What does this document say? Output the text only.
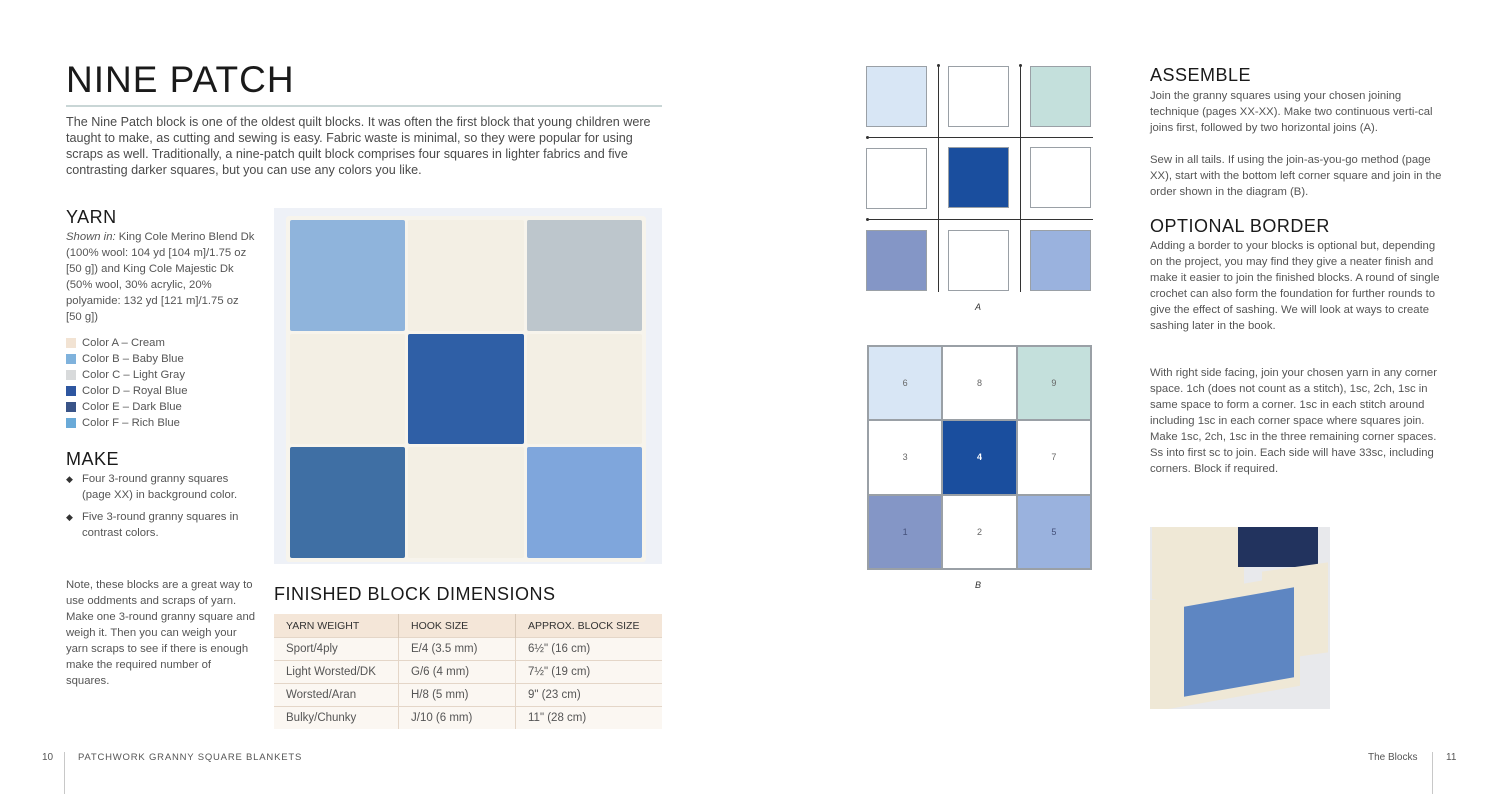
NINE PATCH
The Nine Patch block is one of the oldest quilt blocks. It was often the first block that young children were taught to make, as cutting and sewing is easy. Fabric waste is minimal, so they were popular for using scraps as well. Traditionally, a nine-patch quilt block comprises four squares in lighter fabrics and five contrasting darker squares, but you can use any colors you like.
YARN
Shown in: King Cole Merino Blend Dk (100% wool: 104 yd [104 m]/1.75 oz [50 g]) and King Cole Majestic Dk (50% wool, 30% acrylic, 20% polyamide: 132 yd [121 m]/1.75 oz [50 g])
Color A – Cream
Color B – Baby Blue
Color C – Light Gray
Color D – Royal Blue
Color E – Dark Blue
Color F – Rich Blue
MAKE
◆ Four 3-round granny squares (page XX) in background color.
◆ Five 3-round granny squares in contrast colors.
Note, these blocks are a great way to use oddments and scraps of yarn. Make one 3-round granny square and weigh it. Then you can weigh your yarn scraps to see if there is enough make the required number of squares.
FINISHED BLOCK DIMENSIONS
YARN WEIGHT	HOOK SIZE	APPROX. BLOCK SIZE
Sport/4ply	E/4 (3.5 mm)	6½" (16 cm)
Light Worsted/DK	G/6 (4 mm)	7½" (19 cm)
Worsted/Aran	H/8 (5 mm)	9" (23 cm)
Bulky/Chunky	J/10 (6 mm)	11" (28 cm)
10	PATCHWORK GRANNY SQUARE BLANKETS
A
6	8	9
3	4	7
1	2	5
B
ASSEMBLE
Join the granny squares using your chosen joining technique (pages XX-XX). Make two continuous verti-cal joins first, followed by two horizontal joins (A).
Sew in all tails. If using the join-as-you-go method (page XX), start with the bottom left corner square and join in the order shown in the diagram (B).
OPTIONAL BORDER
Adding a border to your blocks is optional but, depending on the project, you may find they give a neater finish and make it easier to join the finished blocks. A round of single crochet can also form the foundation for further rounds to give the effect of sashing. We will look at ways to create sashing later in the book.
With right side facing, join your chosen yarn in any corner space. 1ch (does not count as a stitch), 1sc, 2ch, 1sc in same space to form a corner. 1sc in each stitch around including 1sc in each corner space where squares join. Make 1sc, 2ch, 1sc in the three remaining corner spaces. Ss into first sc to join. Each side will have 33sc, including corners. Block if required.
The Blocks	11
